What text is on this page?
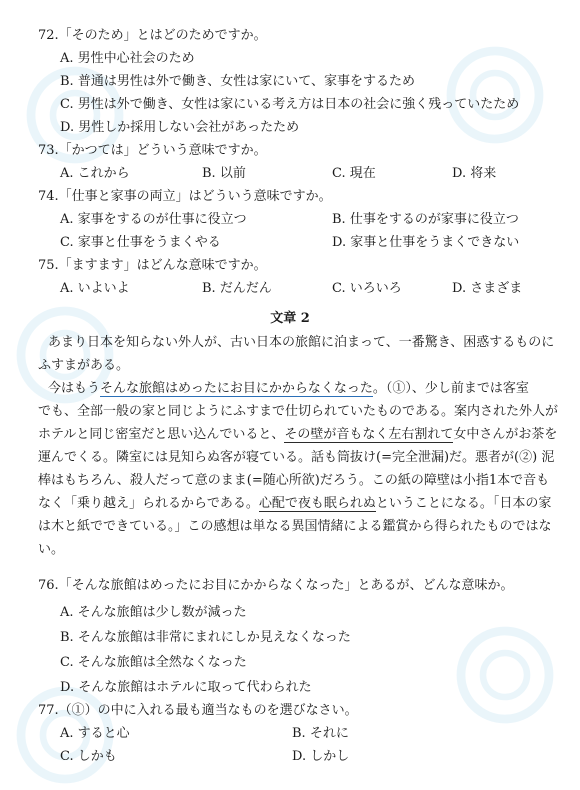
72.「そのため」とはどのためですか。
A. 男性中心社会のため
B. 普通は男性は外で働き、女性は家にいて、家事をするため
C. 男性は外で働き、女性は家にいる考え方は日本の社会に強く残っていたため
D. 男性しか採用しない会社があったため
73.「かつては」どういう意味ですか。
A. これから	B. 以前	C. 現在	D. 将来
74.「仕事と家事の両立」はどういう意味ですか。
A. 家事をするのが仕事に役立つ	B. 仕事をするのが家事に役立つ
C. 家事と仕事をうまくやる	D. 家事と仕事をうまくできない
75.「ますます」はどんな意味ですか。
A. いよいよ	B. だんだん	C. いろいろ	D. さまざま
文章 2
あまり日本を知らない外人が、古い日本の旅館に泊まって、一番驚き、困惑するものに
ふすまがある。
今はもうそんな旅館はめったにお目にかからなくなった。（①）、少し前までは客室
でも、全部一般の家と同じようにふすまで仕切られていたものである。案内された外人が
ホテルと同じ密室だと思い込んでいると、その壁が音もなく左右割れて女中さんがお茶を
運んでくる。隣室には見知らぬ客が寝ている。話も筒抜け(=完全泄漏)だ。悪者が(②) 泥
棒はもちろん、殺人だって意のまま(=随心所欲)だろう。この紙の障壁は小指1本で音も
なく「乗り越え」られるからである。心配で夜も眠られぬということになる。「日本の家
は木と紙でできている。」この感想は単なる異国情緒による鑑賞から得られたものではな
い。
76.「そんな旅館はめったにお目にかからなくなった」とあるが、どんな意味か。
A. そんな旅館は少し数が減った
B. そんな旅館は非常にまれにしか見えなくなった
C. そんな旅館は全然なくなった
D. そんな旅館はホテルに取って代わられた
77.（①）の中に入れる最も適当なものを選びなさい。
A. すると心	B. それに
C. しかも	D. しかし
